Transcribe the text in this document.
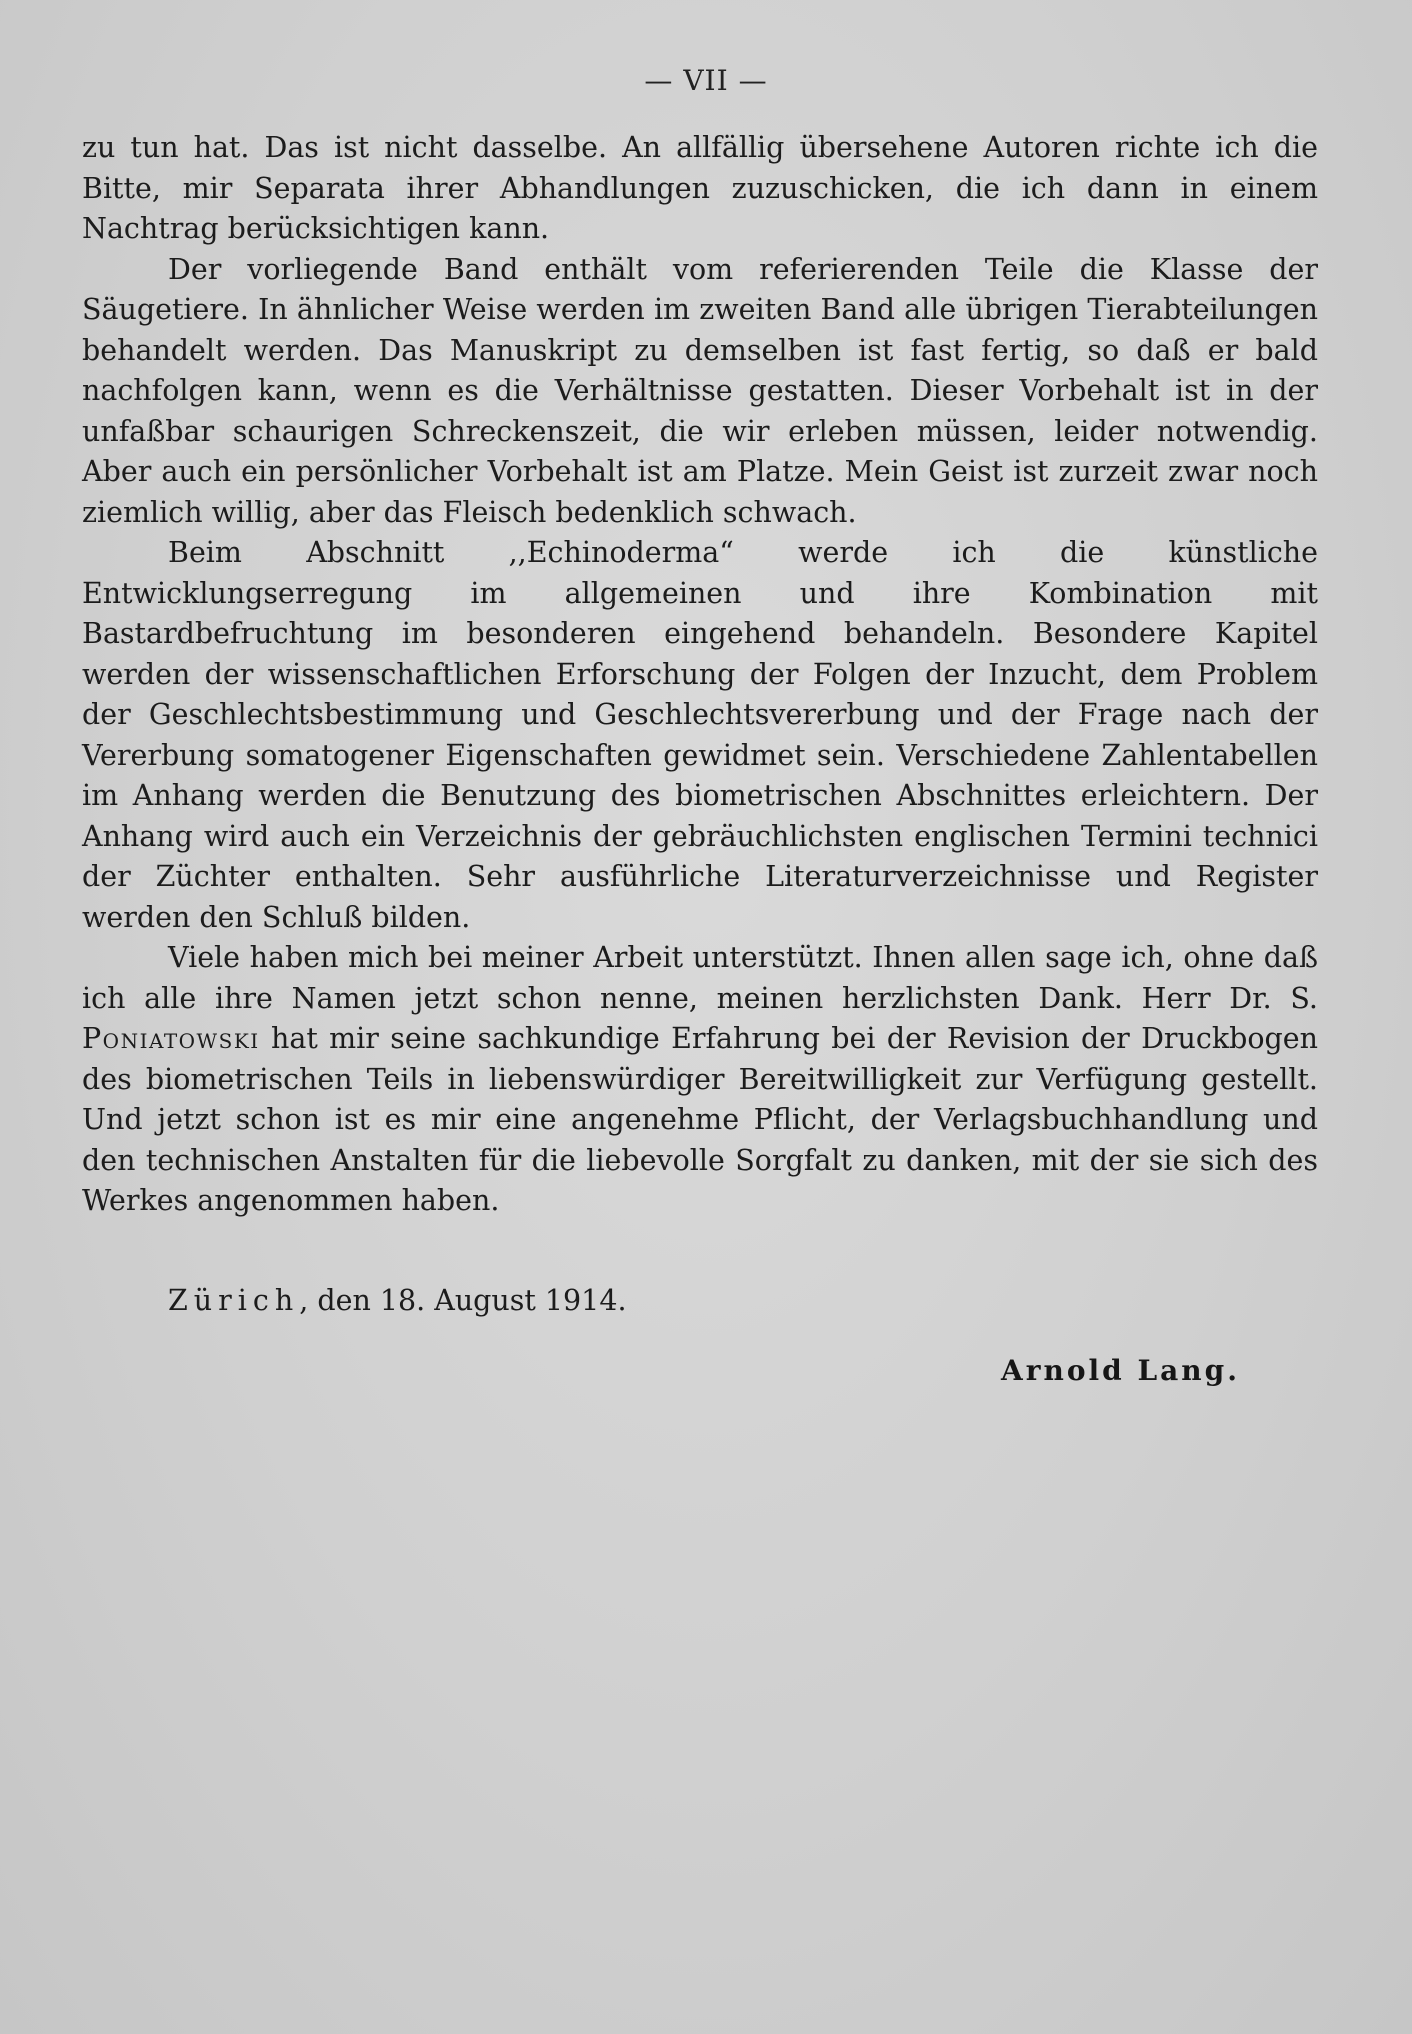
— VII —

zu tun hat. Das ist nicht dasselbe. An allfällig übersehene Autoren richte ich die Bitte, mir Separata ihrer Abhandlungen zuzuschicken, die ich dann in einem Nachtrag berücksichtigen kann.

Der vorliegende Band enthält vom referierenden Teile die Klasse der Säugetiere. In ähnlicher Weise werden im zweiten Band alle übrigen Tierabteilungen behandelt werden. Das Manuskript zu demselben ist fast fertig, so daß er bald nachfolgen kann, wenn es die Verhältnisse gestatten. Dieser Vorbehalt ist in der unfaßbar schaurigen Schreckenszeit, die wir erleben müssen, leider notwendig. Aber auch ein persönlicher Vorbehalt ist am Platze. Mein Geist ist zurzeit zwar noch ziemlich willig, aber das Fleisch bedenklich schwach.

Beim Abschnitt ,,Echinoderma“ werde ich die künstliche Entwicklungserregung im allgemeinen und ihre Kombination mit Bastardbefruchtung im besonderen eingehend behandeln. Besondere Kapitel werden der wissenschaftlichen Erforschung der Folgen der Inzucht, dem Problem der Geschlechtsbestimmung und Geschlechtsvererbung und der Frage nach der Vererbung somatogener Eigenschaften gewidmet sein. Verschiedene Zahlentabellen im Anhang werden die Benutzung des biometrischen Abschnittes erleichtern. Der Anhang wird auch ein Verzeichnis der gebräuchlichsten englischen Termini technici der Züchter enthalten. Sehr ausführliche Literaturverzeichnisse und Register werden den Schluß bilden.

Viele haben mich bei meiner Arbeit unterstützt. Ihnen allen sage ich, ohne daß ich alle ihre Namen jetzt schon nenne, meinen herzlichsten Dank. Herr Dr. S. Poniatowski hat mir seine sachkundige Erfahrung bei der Revision der Druckbogen des biometrischen Teils in liebenswürdiger Bereitwilligkeit zur Verfügung gestellt. Und jetzt schon ist es mir eine angenehme Pflicht, der Verlagsbuchhandlung und den technischen Anstalten für die liebevolle Sorgfalt zu danken, mit der sie sich des Werkes angenommen haben.

Zürich, den 18. August 1914.
Arnold Lang.
